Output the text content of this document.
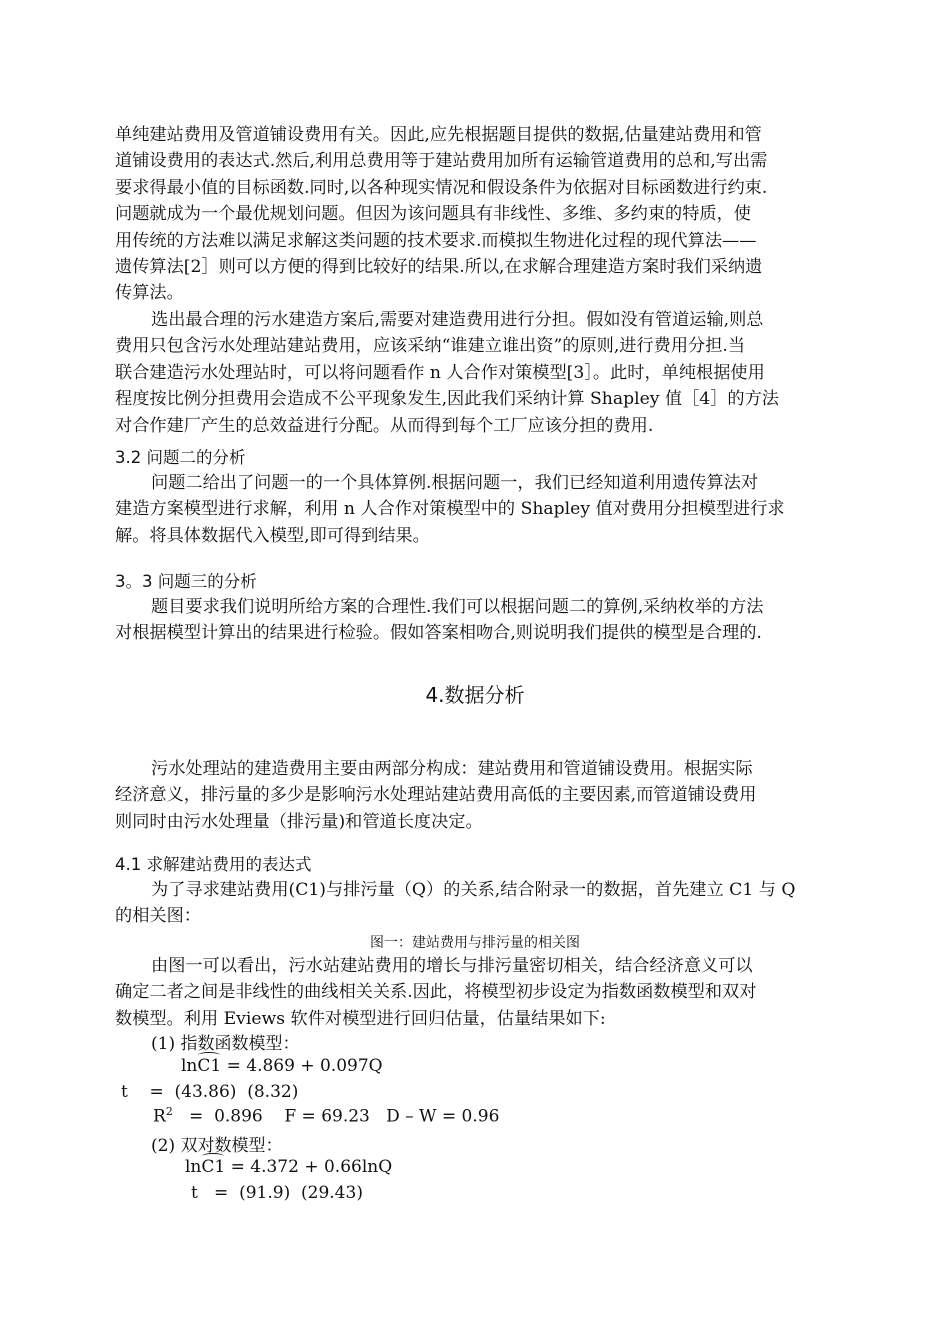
单纯建站费用及管道铺设费用有关。因此,应先根据题目提供的数据,估量建站费用和管
道铺设费用的表达式.然后,利用总费用等于建站费用加所有运输管道费用的总和,写出需
要求得最小值的目标函数.同时,以各种现实情况和假设条件为依据对目标函数进行约束.
问题就成为一个最优规划问题。但因为该问题具有非线性、多维、多约束的特质，使
用传统的方法难以满足求解这类问题的技术要求.而模拟生物进化过程的现代算法——
遗传算法[2］则可以方便的得到比较好的结果.所以,在求解合理建造方案时我们采纳遗
传算法。
选出最合理的污水建造方案后,需要对建造费用进行分担。假如没有管道运输,则总
费用只包含污水处理站建站费用，应该采纳“谁建立谁出资”的原则,进行费用分担.当
联合建造污水处理站时，可以将问题看作 n 人合作对策模型[3］。此时，单纯根据使用
程度按比例分担费用会造成不公平现象发生,因此我们采纳计算 Shapley 值［4］的方法
对合作建厂产生的总效益进行分配。从而得到每个工厂应该分担的费用.
3.2 问题二的分析
问题二给出了问题一的一个具体算例.根据问题一，我们已经知道利用遗传算法对
建造方案模型进行求解，利用 n 人合作对策模型中的 Shapley 值对费用分担模型进行求
解。将具体数据代入模型,即可得到结果。
3。3 问题三的分析
题目要求我们说明所给方案的合理性.我们可以根据问题二的算例,采纳枚举的方法
对根据模型计算出的结果进行检验。假如答案相吻合,则说明我们提供的模型是合理的.
4.数据分析
污水处理站的建造费用主要由两部分构成：建站费用和管道铺设费用。根据实际
经济意义，排污量的多少是影响污水处理站建站费用高低的主要因素,而管道铺设费用
则同时由污水处理量（排污量)和管道长度决定。
4.1 求解建站费用的表达式
为了寻求建站费用(C1)与排污量（Q）的关系,结合附录一的数据，首先建立 C1 与 Q
的相关图：
图一：建站费用与排污量的相关图
由图一可以看出，污水站建站费用的增长与排污量密切相关，结合经济意义可以
确定二者之间是非线性的曲线相关关系.因此，将模型初步设定为指数函数模型和双对
数模型。利用 Eviews 软件对模型进行回归估量，估量结果如下:
(1) 指数函数模型：
lnC1 = 4.869 + 0.097Q
t    =  (43.86)  (8.32)
$R^2 = 0.896$    F = 69.23   D – W = 0.96
(2) 双对数模型：
lnC1 = 4.372 + 0.66lnQ
t   =  (91.9)  (29.43)
